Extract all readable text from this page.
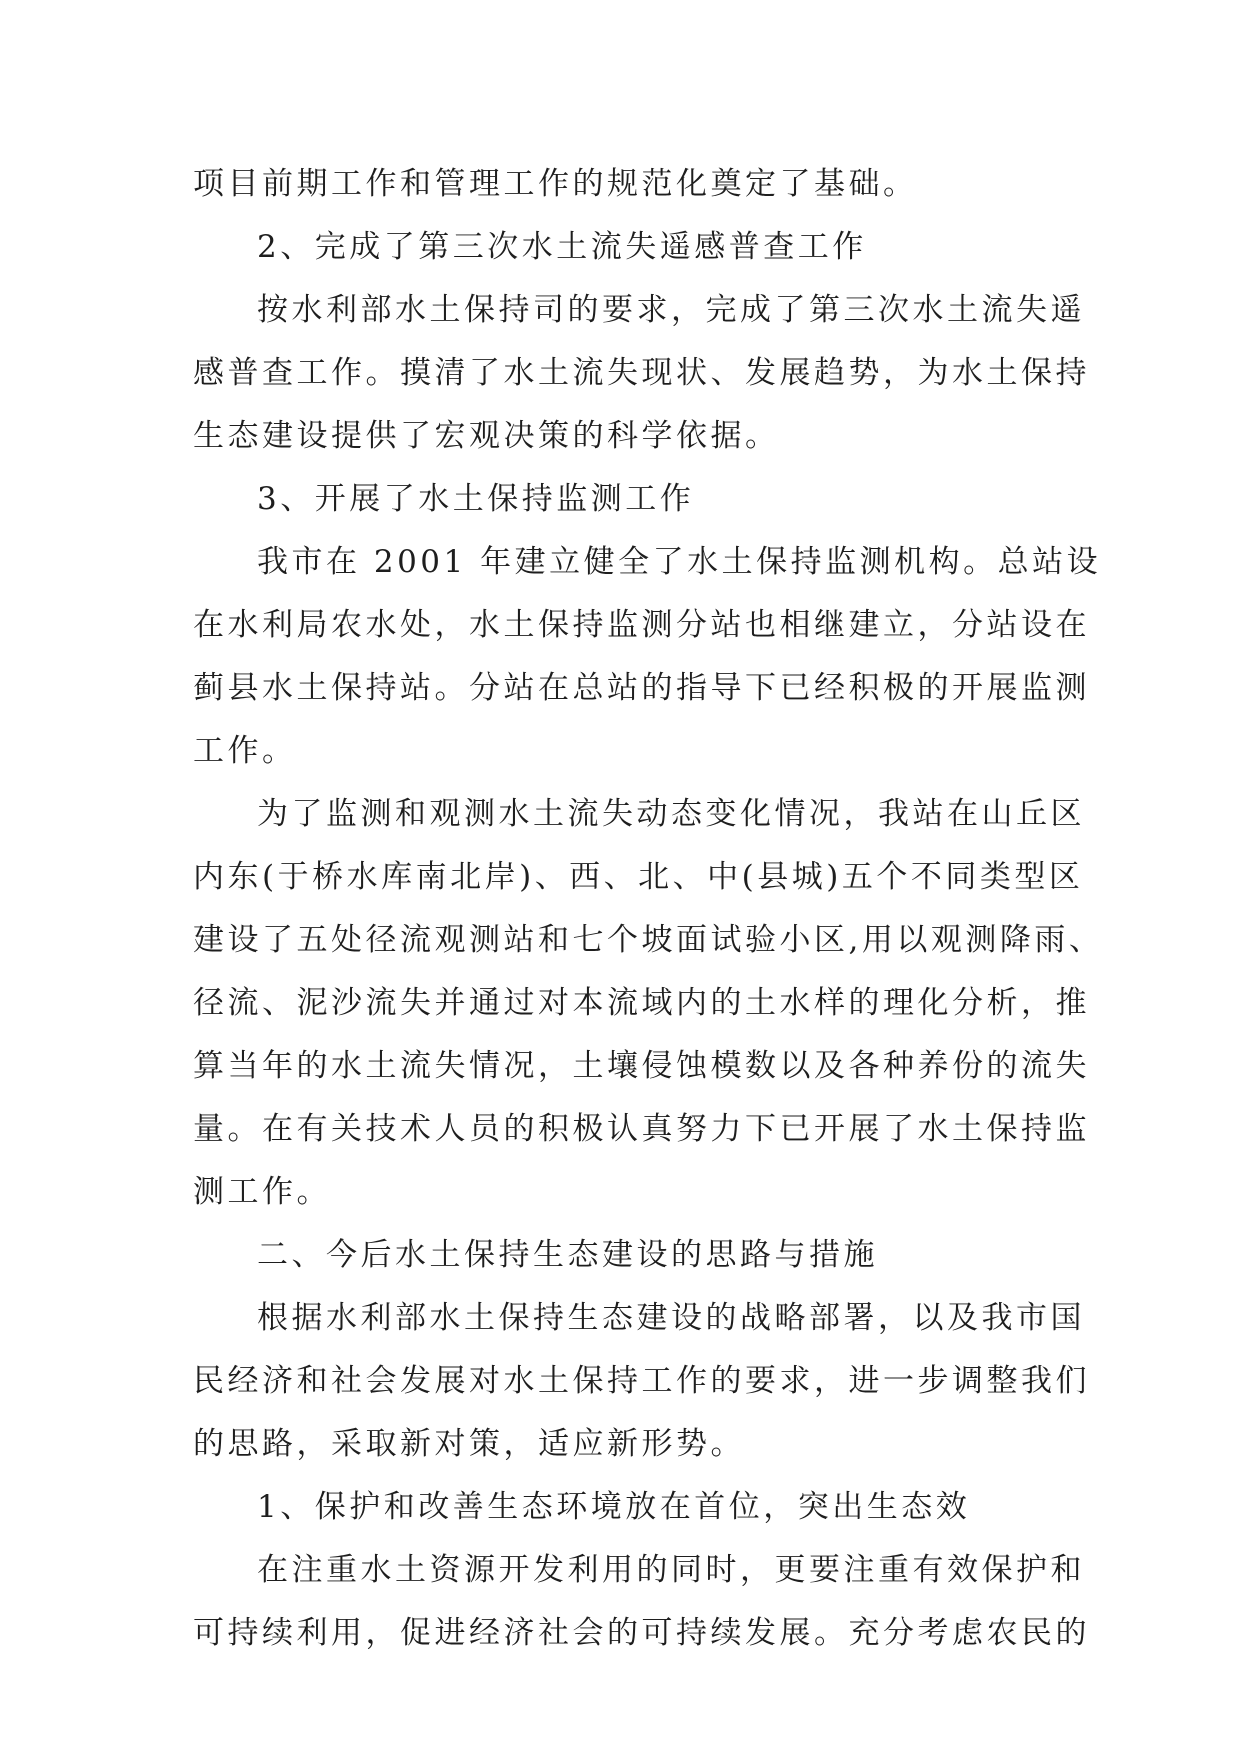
项目前期工作和管理工作的规范化奠定了基础。

2、完成了第三次水土流失遥感普查工作

按水利部水土保持司的要求，完成了第三次水土流失遥
感普查工作。摸清了水土流失现状、发展趋势，为水土保持
生态建设提供了宏观决策的科学依据。

3、开展了水土保持监测工作

我市在 2001 年建立健全了水土保持监测机构。总站设
在水利局农水处，水土保持监测分站也相继建立，分站设在
蓟县水土保持站。分站在总站的指导下已经积极的开展监测
工作。

为了监测和观测水土流失动态变化情况，我站在山丘区
内东(于桥水库南北岸)、西、北、中(县城)五个不同类型区
建设了五处径流观测站和七个坡面试验小区,用以观测降雨、
径流、泥沙流失并通过对本流域内的土水样的理化分析，推
算当年的水土流失情况，土壤侵蚀模数以及各种养份的流失
量。在有关技术人员的积极认真努力下已开展了水土保持监
测工作。

二、今后水土保持生态建设的思路与措施

根据水利部水土保持生态建设的战略部署，以及我市国
民经济和社会发展对水土保持工作的要求，进一步调整我们
的思路，采取新对策，适应新形势。

1、保护和改善生态环境放在首位，突出生态效

在注重水土资源开发利用的同时，更要注重有效保护和
可持续利用，促进经济社会的可持续发展。充分考虑农民的
